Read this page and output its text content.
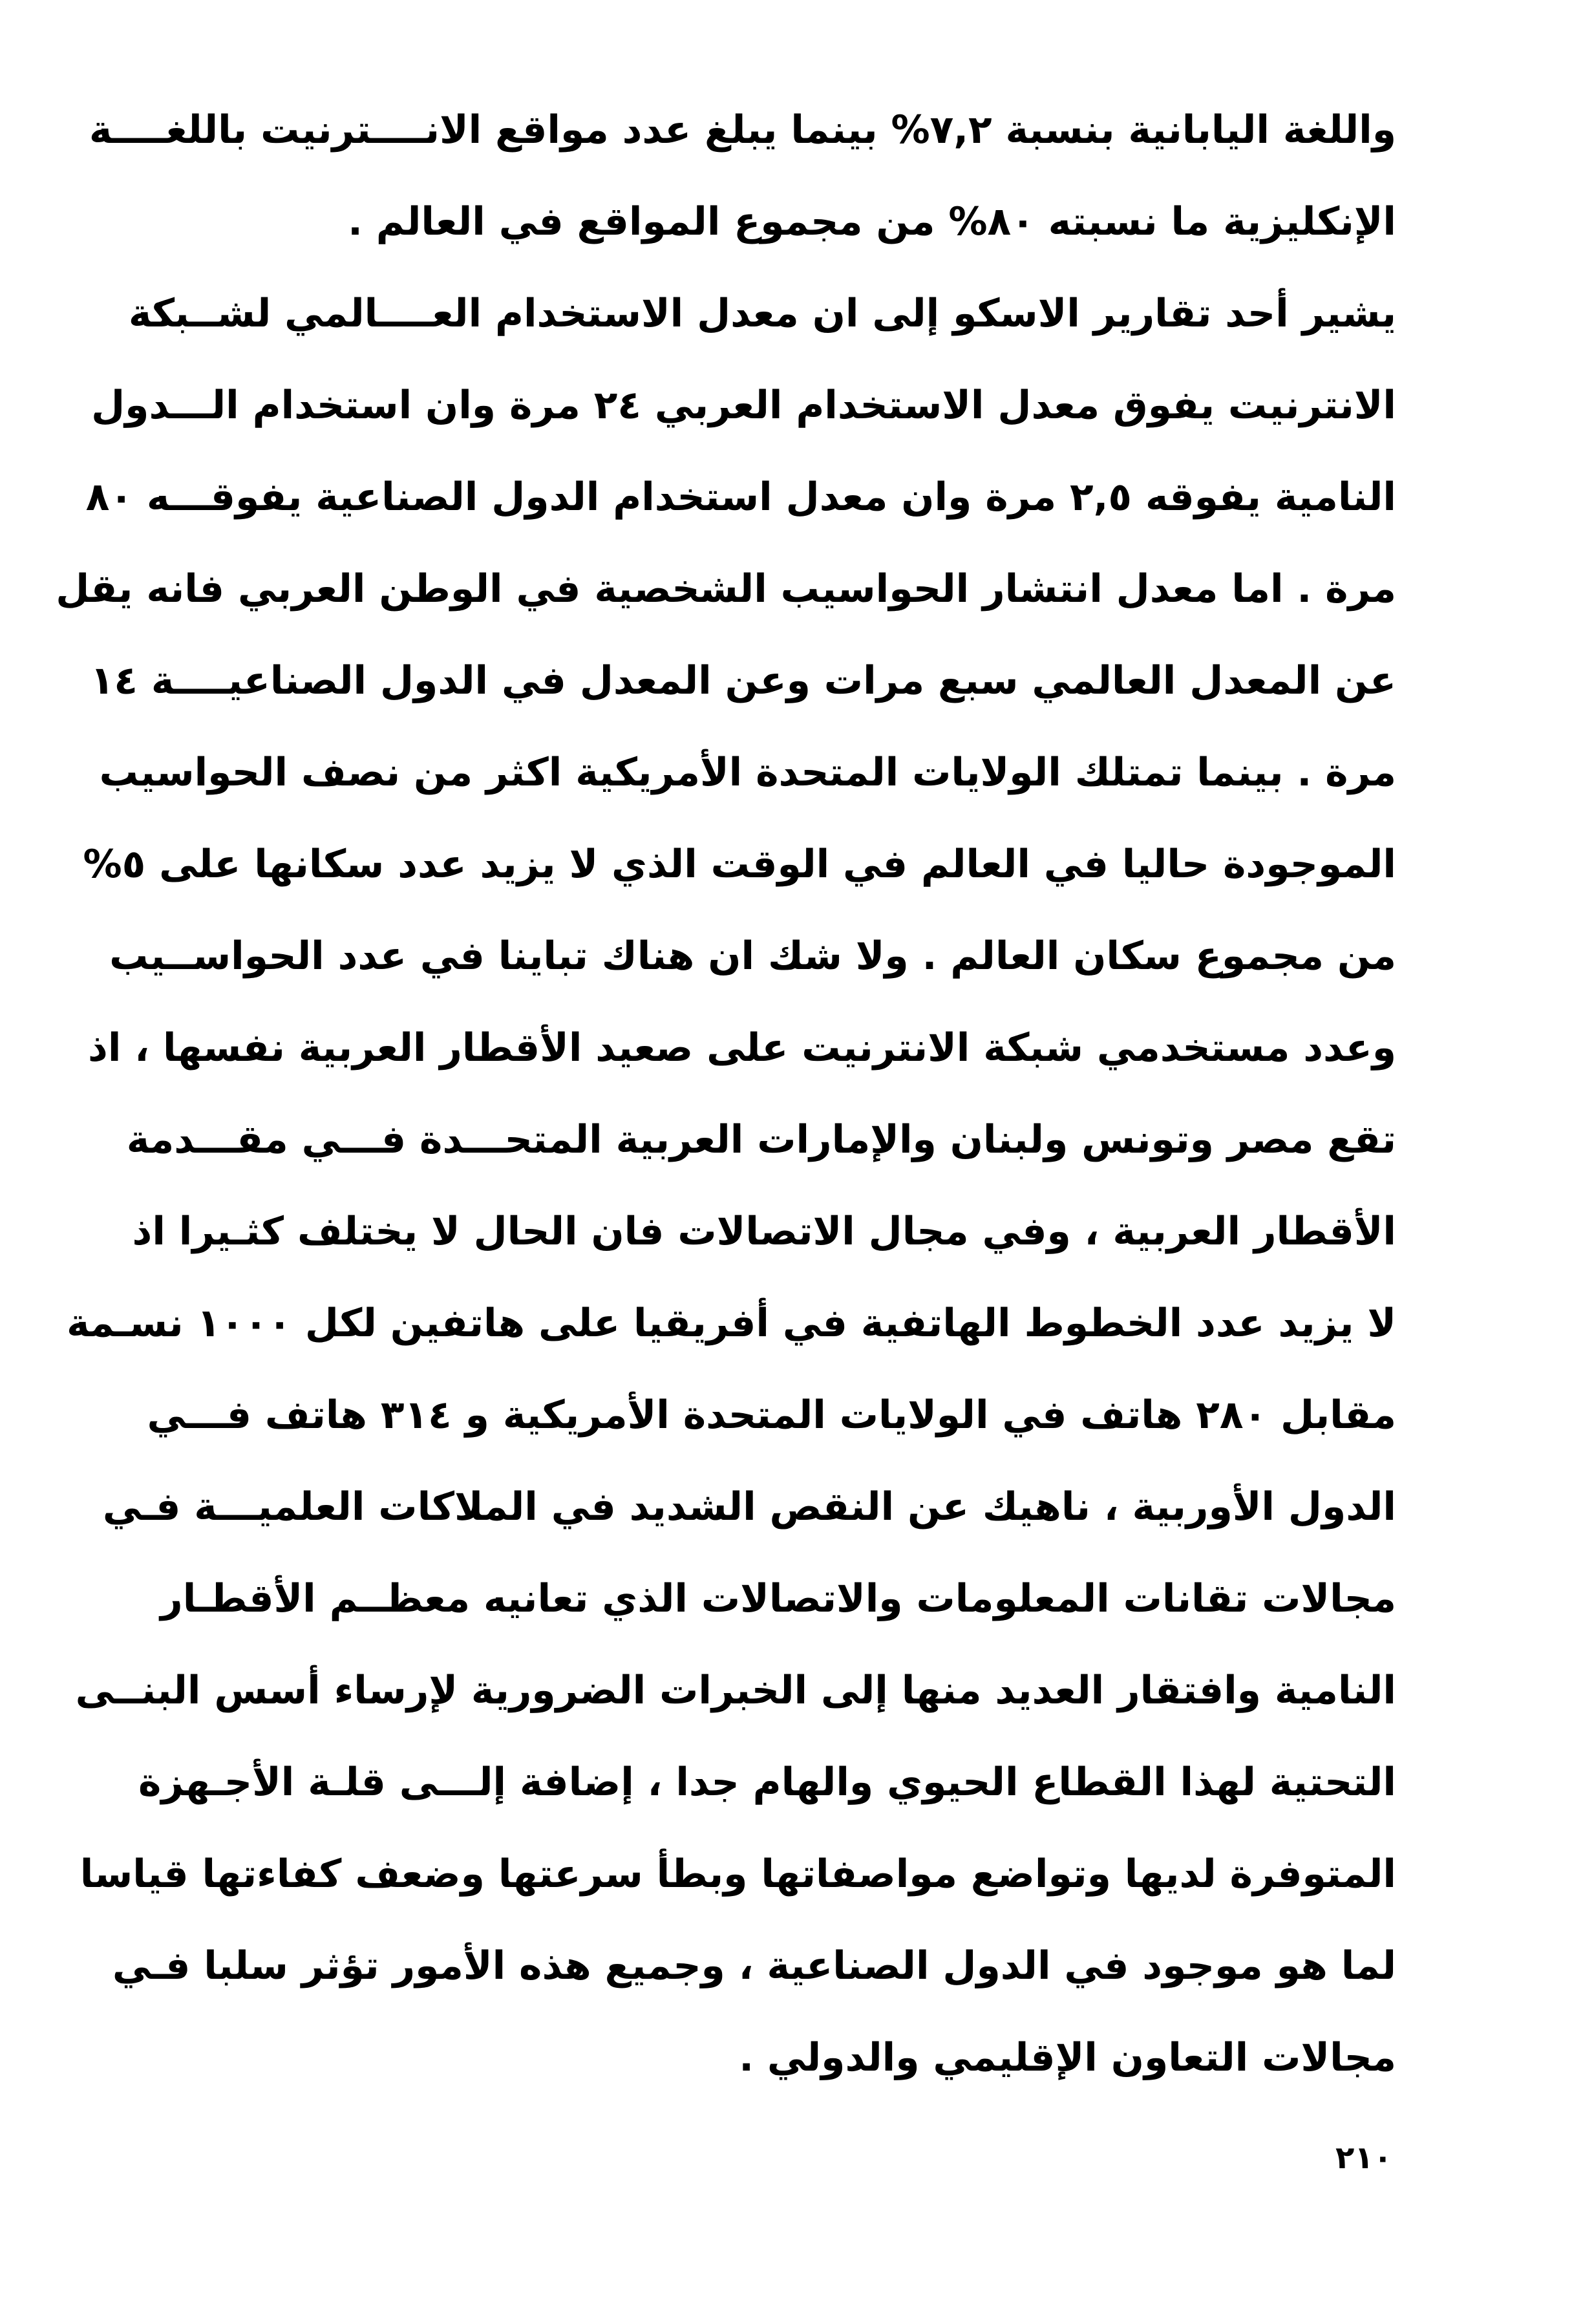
واللغة اليابانية بنسبة ٧,٢% بينما يبلغ عدد مواقع الانــــترنيت باللغــــة
الإنكليزية ما نسبته ٨٠% من مجموع المواقع في العالم .
يشير أحد تقارير الاسكو إلى ان معدل الاستخدام العــــالمي لشــبكة
الانترنيت يفوق معدل الاستخدام العربي ٢٤ مرة وان استخدام الـــدول
النامية يفوقه ٢,٥ مرة وان معدل استخدام الدول الصناعية يفوقـــه ٨٠
مرة . اما معدل انتشار الحواسيب الشخصية في الوطن العربي فانه يقل
عن المعدل العالمي سبع مرات وعن المعدل في الدول الصناعيــــة ١٤
مرة . بينما تمتلك الولايات المتحدة الأمريكية اكثر من نصف الحواسيب
الموجودة حاليا في العالم في الوقت الذي لا يزيد عدد سكانها على ٥%
من مجموع سكان العالم . ولا شك ان هناك تباينا في عدد الحواســيب
وعدد مستخدمي شبكة الانترنيت على صعيد الأقطار العربية نفسها ، اذ
تقع مصر وتونس ولبنان والإمارات العربية المتحـــدة فـــي مقـــدمة
الأقطار العربية ، وفي مجال الاتصالات فان الحال لا يختلف كثـيرا اذ
لا يزيد عدد الخطوط الهاتفية في أفريقيا على هاتفين لكل ١٠٠٠ نسـمة
مقابل ٢٨٠ هاتف في الولايات المتحدة الأمريكية و ٣١٤ هاتف فـــي
الدول الأوربية ، ناهيك عن النقص الشديد في الملاكات العلميـــة فـي
مجالات تقانات المعلومات والاتصالات الذي تعانيه معظــم الأقطـار
النامية وافتقار العديد منها إلى الخبرات الضرورية لإرساء أسس البنــى
التحتية لهذا القطاع الحيوي والهام جدا ، إضافة إلـــى قلـة الأجـهزة
المتوفرة لديها وتواضع مواصفاتها وبطأ سرعتها وضعف كفاءتها قياسا
لما هو موجود في الدول الصناعية ، وجميع هذه الأمور تؤثر سلبا فـي
مجالات التعاون الإقليمي والدولي .
٢١٠
